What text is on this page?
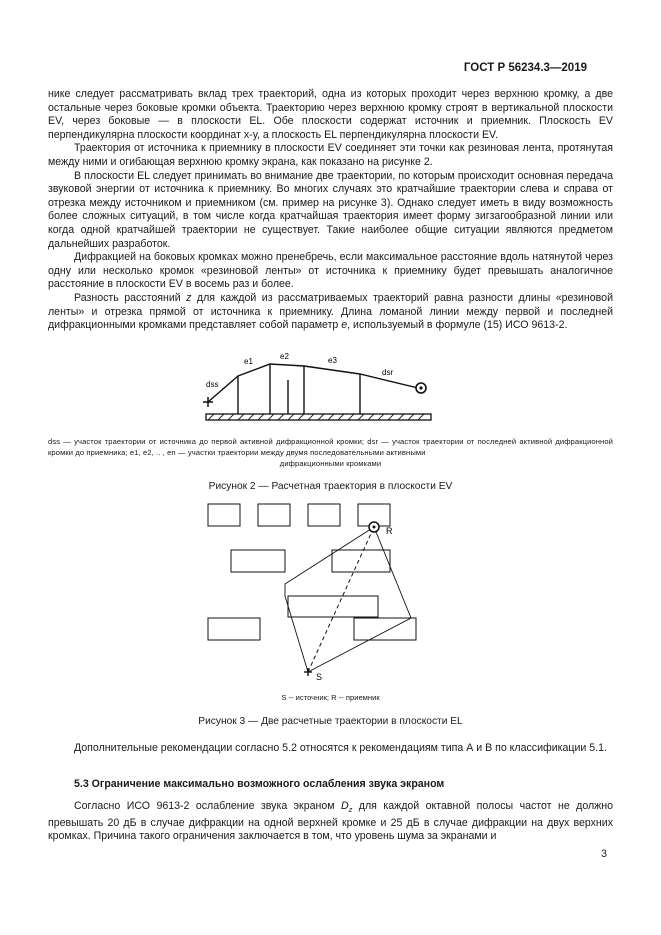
ГОСТ Р 56234.3—2019

нике следует рассматривать вклад трех траекторий, одна из которых проходит через верхнюю кромку, а две остальные через боковые кромки объекта. Траекторию через верхнюю кромку строят в вертикальной плоскости EV, через боковые — в плоскости EL. Обе плоскости содержат источник и приемник. Плоскость EV перпендикулярна плоскости координат х-у, а плоскость EL перпендикулярна плоскости EV.

Траектория от источника к приемнику в плоскости EV соединяет эти точки как резиновая лента, протянутая между ними и огибающая верхнюю кромку экрана, как показано на рисунке 2.

В плоскости EL следует принимать во внимание две траектории, по которым происходит основная передача звуковой энергии от источника к приемнику. Во многих случаях это кратчайшие траектории слева и справа от отрезка между источником и приемником (см. пример на рисунке 3). Однако следует иметь в виду возможность более сложных ситуаций, в том числе когда кратчайшая траектория имеет форму зигзагообразной линии или когда одной кратчайшей траектории не существует. Такие наиболее общие ситуации являются предметом дальнейших разработок.

Дифракцией на боковых кромках можно пренебречь, если максимальное расстояние вдоль натянутой через одну или несколько кромок «резиновой ленты» от источника к приемнику будет превышать аналогичное расстояние в плоскости EV в восемь раз и более.

Разность расстояний z для каждой из рассматриваемых траекторий равна разности длины «резиновой ленты» и отрезка прямой от источника к приемнику. Длина ломаной линии между первой и последней дифракционными кромками представляет собой параметр e, используемый в формуле (15) ИСО 9613-2.

dss
e1
e2	e3
dsr
dss — участок траектории от источника до первой активной дифракционной кромки; dsr — участок траектории от последней активной дифракционной кромки до приемника; e1, e2, .. , en — участки траектории между двумя последовательными активными
дифракционными кромками
Рисунок 2 — Расчетная траектория в плоскости EV
R
S
S -- источник; R -- приемник
Рисунок 3 — Две расчетные траектории в плоскости EL

Дополнительные рекомендации согласно 5.2 относятся к рекомендациям типа А и В по классификации 5.1.

5.3 Ограничение максимально возможного ослабления звука экраном

Согласно ИСО 9613-2 ослабление звука экраном $D_z$ для каждой октавной полосы частот не должно превышать 20 дБ в случае дифракции на одной верхней кромке и 25 дБ в случае дифракции на двух верхних кромках. Причина такого ограничения заключается в том, что уровень шума за экранами и

3
